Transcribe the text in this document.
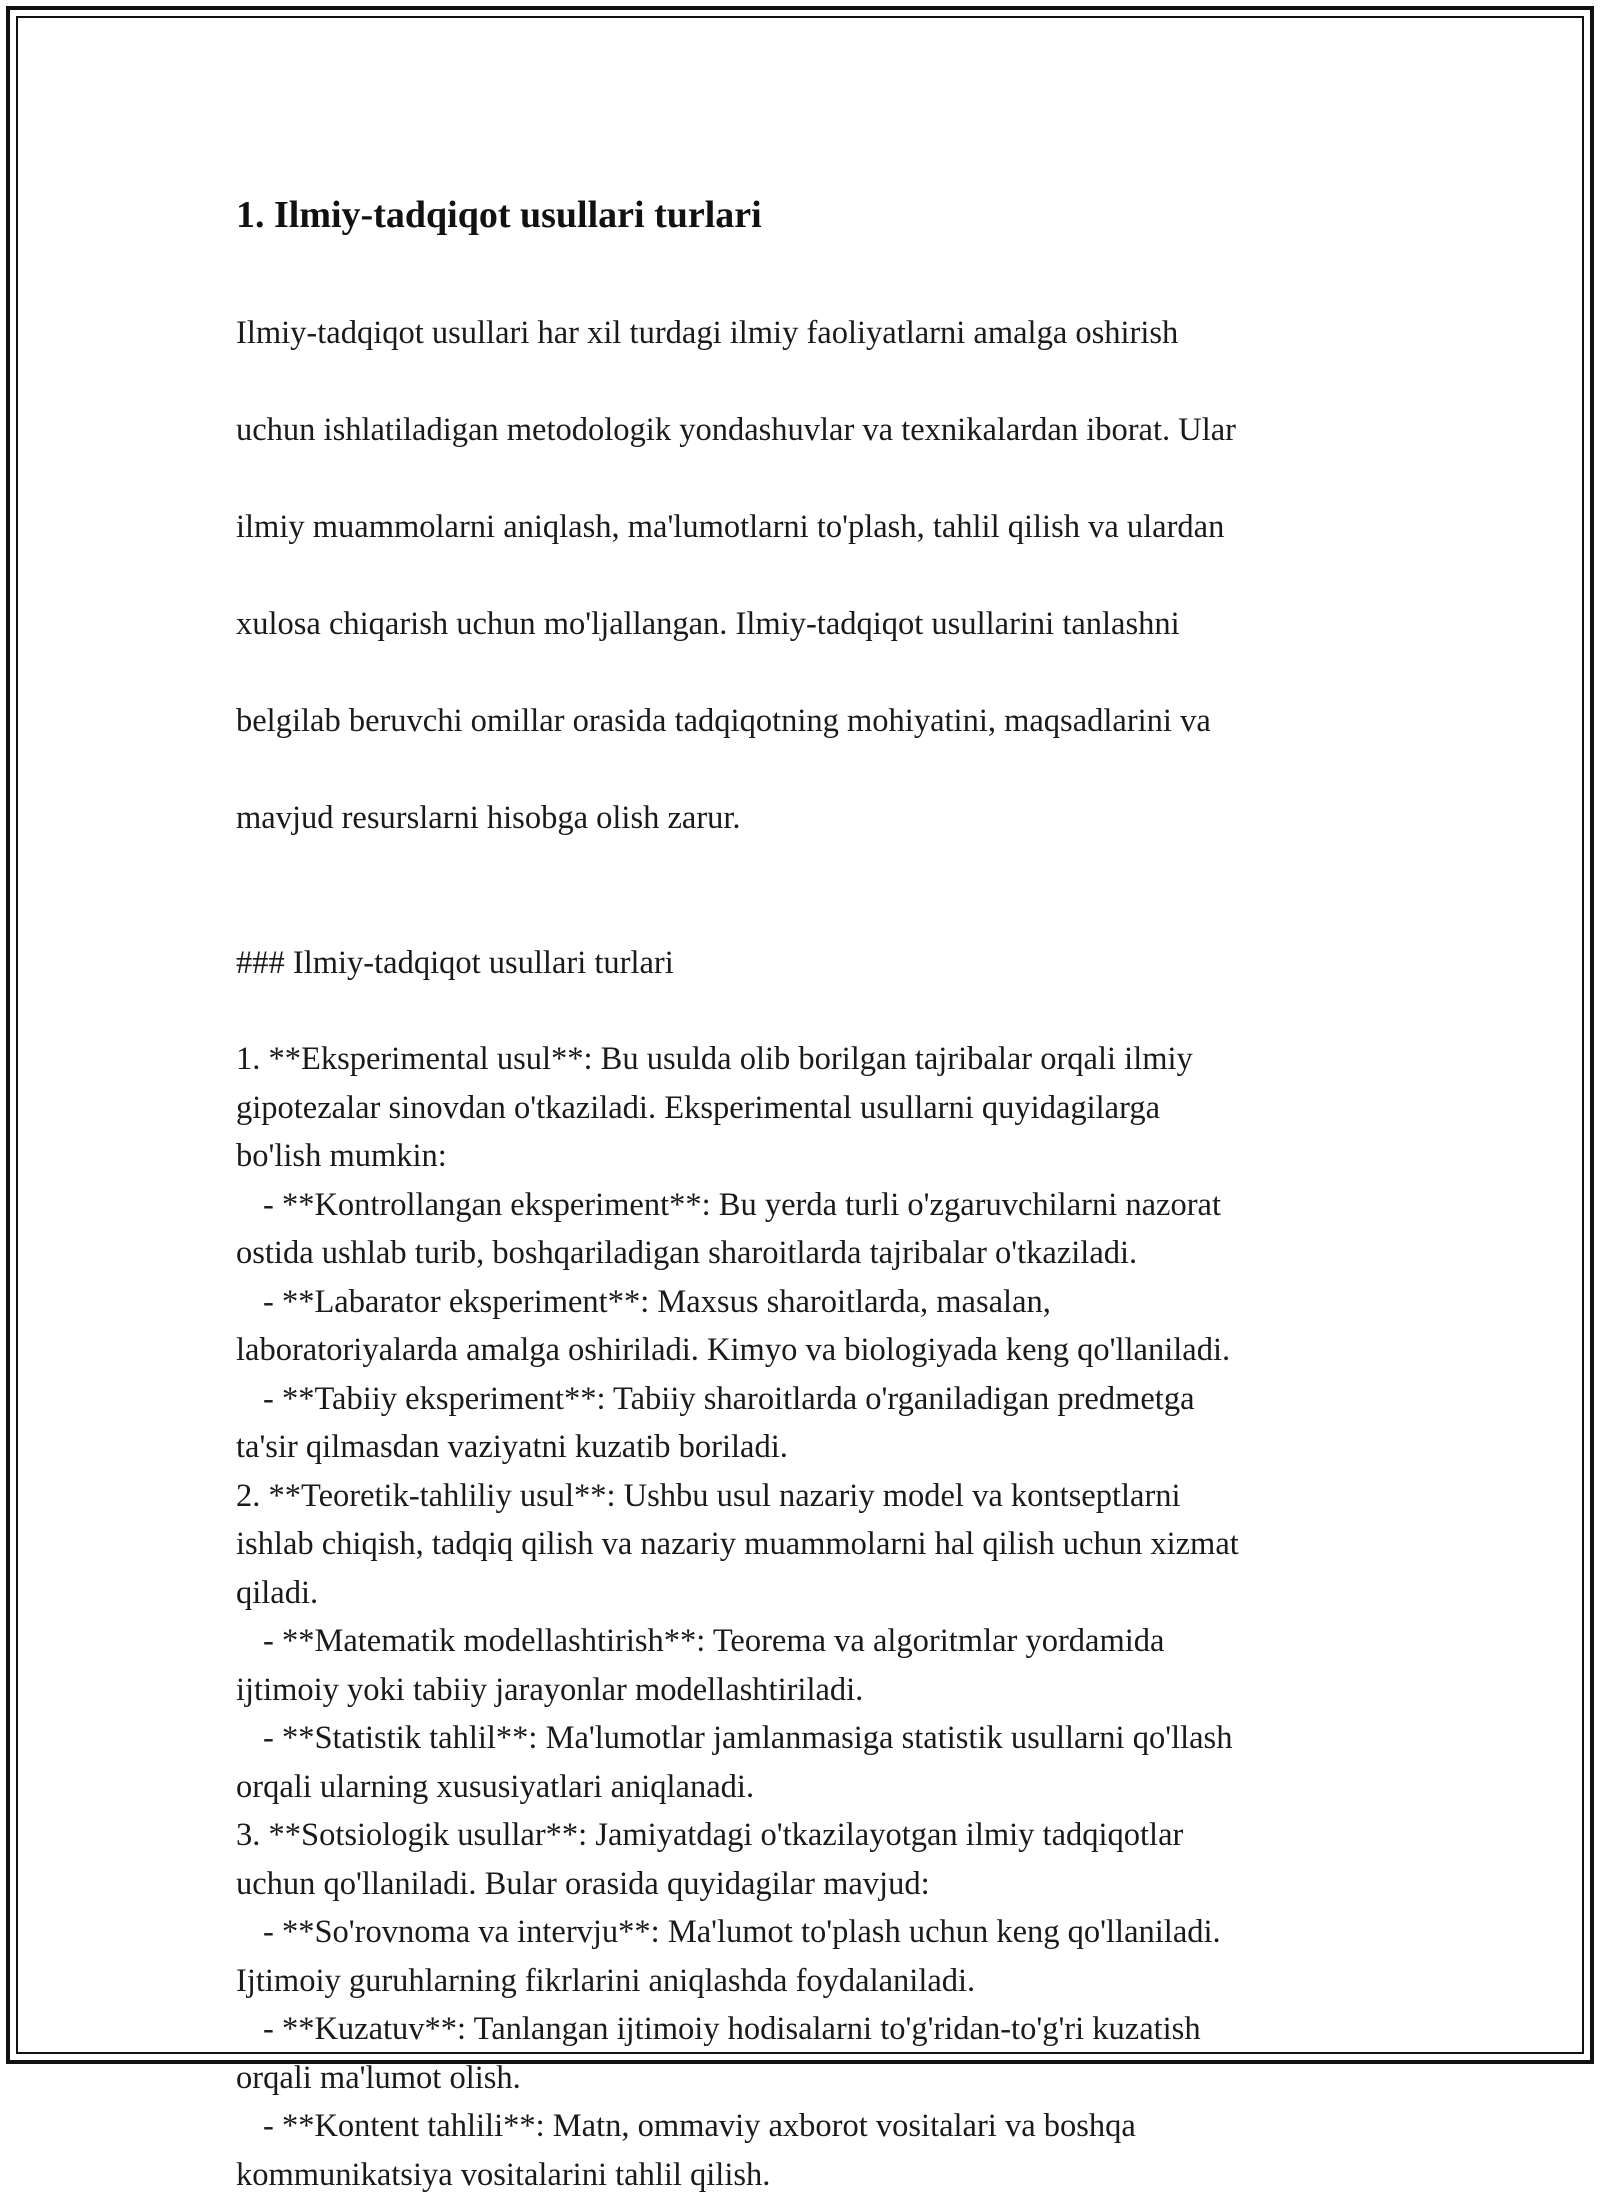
1. Ilmiy-tadqiqot usullari turlari

Ilmiy-tadqiqot usullari har xil turdagi ilmiy faoliyatlarni amalga oshirish

uchun ishlatiladigan metodologik yondashuvlar va texnikalardan iborat. Ular

ilmiy muammolarni aniqlash, ma'lumotlarni to'plash, tahlil qilish va ulardan

xulosa chiqarish uchun mo'ljallangan. Ilmiy-tadqiqot usullarini tanlashni

belgilab beruvchi omillar orasida tadqiqotning mohiyatini, maqsadlarini va

mavjud resurslarni hisobga olish zarur.

### Ilmiy-tadqiqot usullari turlari
1. **Eksperimental usul**: Bu usulda olib borilgan tajribalar orqali ilmiy
gipotezalar sinovdan o'tkaziladi. Eksperimental usullarni quyidagilarga
bo'lish mumkin:
- **Kontrollangan eksperiment**: Bu yerda turli o'zgaruvchilarni nazorat
ostida ushlab turib, boshqariladigan sharoitlarda tajribalar o'tkaziladi.
- **Labarator eksperiment**: Maxsus sharoitlarda, masalan,
laboratoriyalarda amalga oshiriladi. Kimyo va biologiyada keng qo'llaniladi.
- **Tabiiy eksperiment**: Tabiiy sharoitlarda o'rganiladigan predmetga
ta'sir qilmasdan vaziyatni kuzatib boriladi.
2. **Teoretik-tahliliy usul**: Ushbu usul nazariy model va kontseptlarni
ishlab chiqish, tadqiq qilish va nazariy muammolarni hal qilish uchun xizmat
qiladi.
- **Matematik modellashtirish**: Teorema va algoritmlar yordamida
ijtimoiy yoki tabiiy jarayonlar modellashtiriladi.
- **Statistik tahlil**: Ma'lumotlar jamlanmasiga statistik usullarni qo'llash
orqali ularning xususiyatlari aniqlanadi.
3. **Sotsiologik usullar**: Jamiyatdagi o'tkazilayotgan ilmiy tadqiqotlar
uchun qo'llaniladi. Bular orasida quyidagilar mavjud:
- **So'rovnoma va intervju**: Ma'lumot to'plash uchun keng qo'llaniladi.
Ijtimoiy guruhlarning fikrlarini aniqlashda foydalaniladi.
- **Kuzatuv**: Tanlangan ijtimoiy hodisalarni to'g'ridan-to'g'ri kuzatish
orqali ma'lumot olish.
- **Kontent tahlili**: Matn, ommaviy axborot vositalari va boshqa
kommunikatsiya vositalarini tahlil qilish.
